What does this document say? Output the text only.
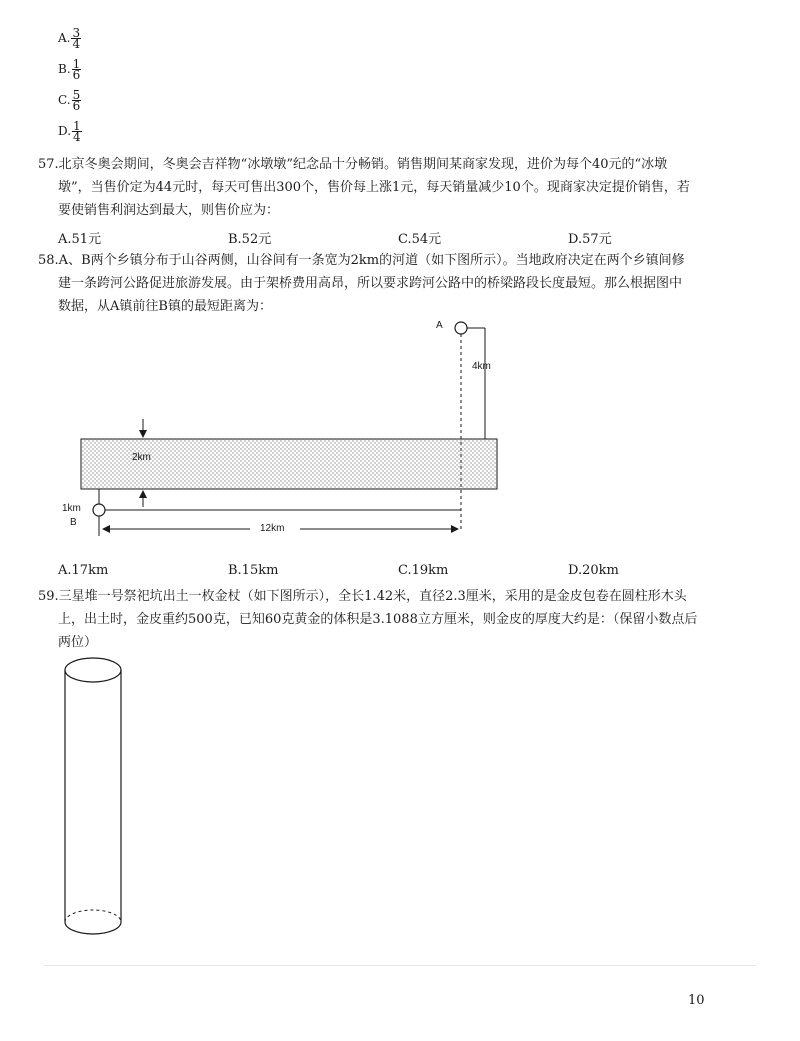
A. $\frac{3}{4}$
B. $\frac{1}{6}$
C. $\frac{5}{6}$
D. $\frac{1}{4}$
57.北京冬奥会期间，冬奥会吉祥物“冰墩墩”纪念品十分畅销。销售期间某商家发现，进价为每个40元的“冰墩

墩”，当售价定为44元时，每天可售出300个，售价每上涨1元，每天销量减少10个。现商家决定提价销售，若
要使销售利润达到最大，则售价应为：
A.51元	B.52元	C.54元	D.57元
58.A、B两个乡镇分布于山谷两侧，山谷间有一条宽为2km的河道（如下图所示）。当地政府决定在两个乡镇间修

建一条跨河公路促进旅游发展。由于架桥费用高昂，所以要求跨河公路中的桥梁路段长度最短。那么根据图中
数据，从A镇前往B镇的最短距离为：
A
4km
2km
1km
B
12km
A.17km	B.15km	C.19km	D.20km
59.三星堆一号祭祀坑出土一枚金杖（如下图所示），全长1.42米，直径2.3厘米，采用的是金皮包卷在圆柱形木头

上，出土时，金皮重约500克，已知60克黄金的体积是3.1088立方厘米，则金皮的厚度大约是：（保留小数点后
两位）
10
